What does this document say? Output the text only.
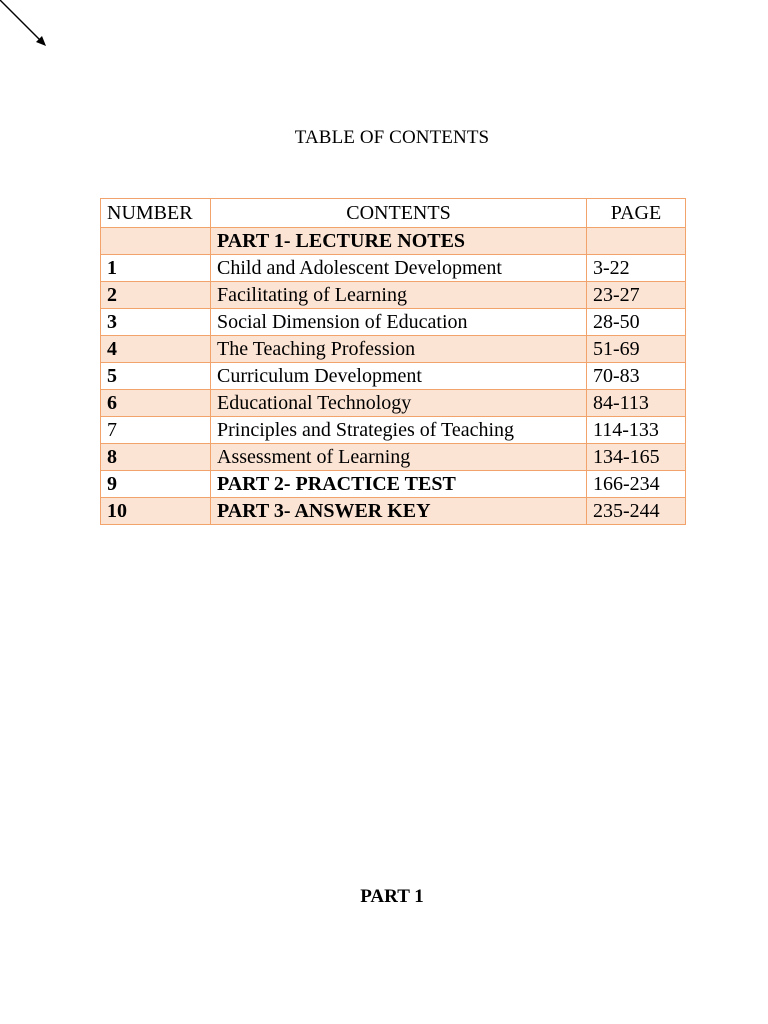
TABLE OF CONTENTS
NUMBER	CONTENTS	PAGE
	PART 1- LECTURE NOTES	
1	Child and Adolescent Development	3-22
2	Facilitating of Learning	23-27
3	Social Dimension of Education	28-50
4	The Teaching Profession	51-69
5	Curriculum Development	70-83
6	Educational Technology	84-113
7	Principles and Strategies of Teaching	114-133
8	Assessment of Learning	134-165
9	PART 2- PRACTICE TEST	166-234
10	PART 3- ANSWER KEY	235-244
PART 1
